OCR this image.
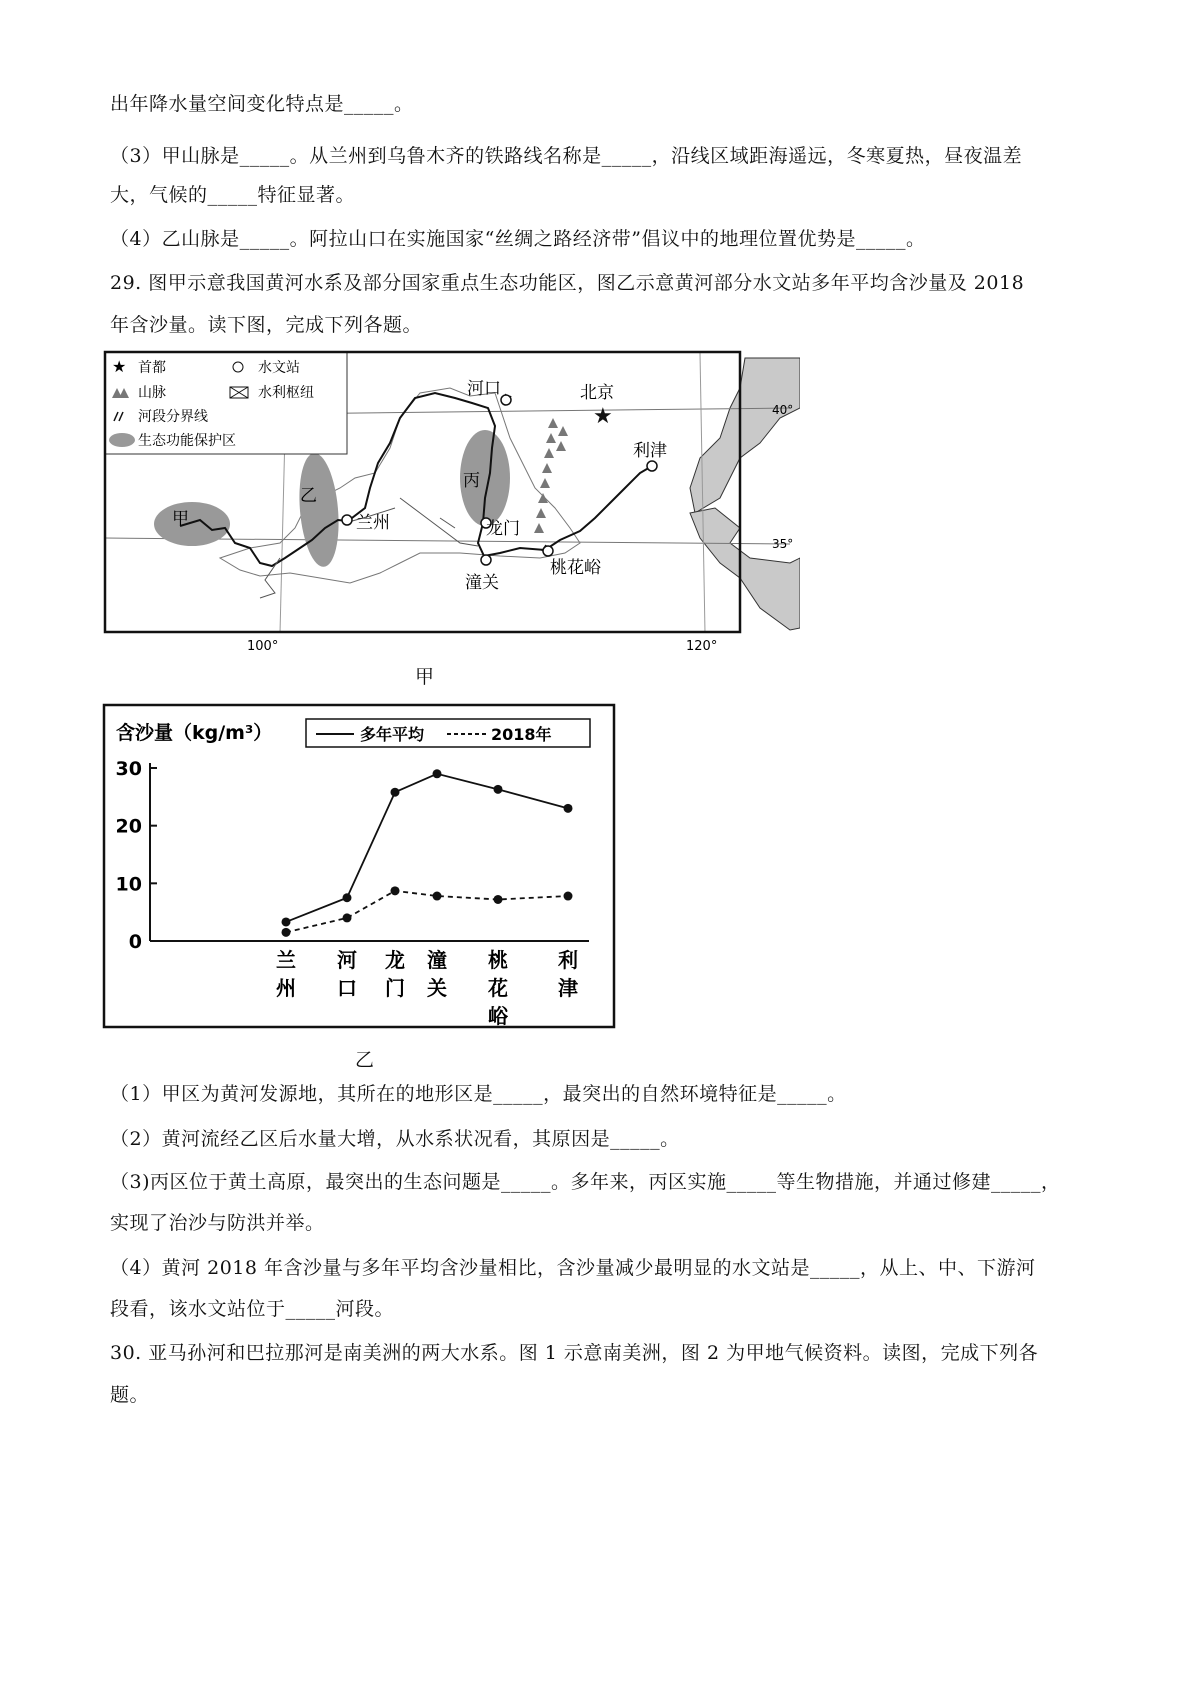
出年降水量空间变化特点是_____。
（3）甲山脉是_____。从兰州到乌鲁木齐的铁路线名称是_____，沿线区域距海遥远，冬寒夏热，昼夜温差
大，气候的_____特征显著。
（4）乙山脉是_____。阿拉山口在实施国家“丝绸之路经济带”倡议中的地理位置优势是_____。
29. 图甲示意我国黄河水系及部分国家重点生态功能区，图乙示意黄河部分水文站多年平均含沙量及 2018
年含沙量。读下图，完成下列各题。
★
★ 首都	水文站
山脉	水利枢纽
河段分界线
生态功能保护区
河口	北京
利津
丙
乙
兰州
甲	龙门
潼关
桃花峪
40°
35°
100°	120°
甲
含沙量（kg/m³）	多年平均	2018年
0
10
20
30
兰
州
河
口
龙
门
潼
关
桃
花
峪
利
津
乙
（1）甲区为黄河发源地，其所在的地形区是_____，最突出的自然环境特征是_____。
（2）黄河流经乙区后水量大增，从水系状况看，其原因是_____。
（3)丙区位于黄土高原，最突出的生态问题是_____。多年来，丙区实施_____等生物措施，并通过修建_____，
实现了治沙与防洪并举。
（4）黄河 2018 年含沙量与多年平均含沙量相比，含沙量减少最明显的水文站是_____，从上、中、下游河
段看，该水文站位于_____河段。
30. 亚马孙河和巴拉那河是南美洲的两大水系。图 1 示意南美洲，图 2 为甲地气候资料。读图，完成下列各
题。
